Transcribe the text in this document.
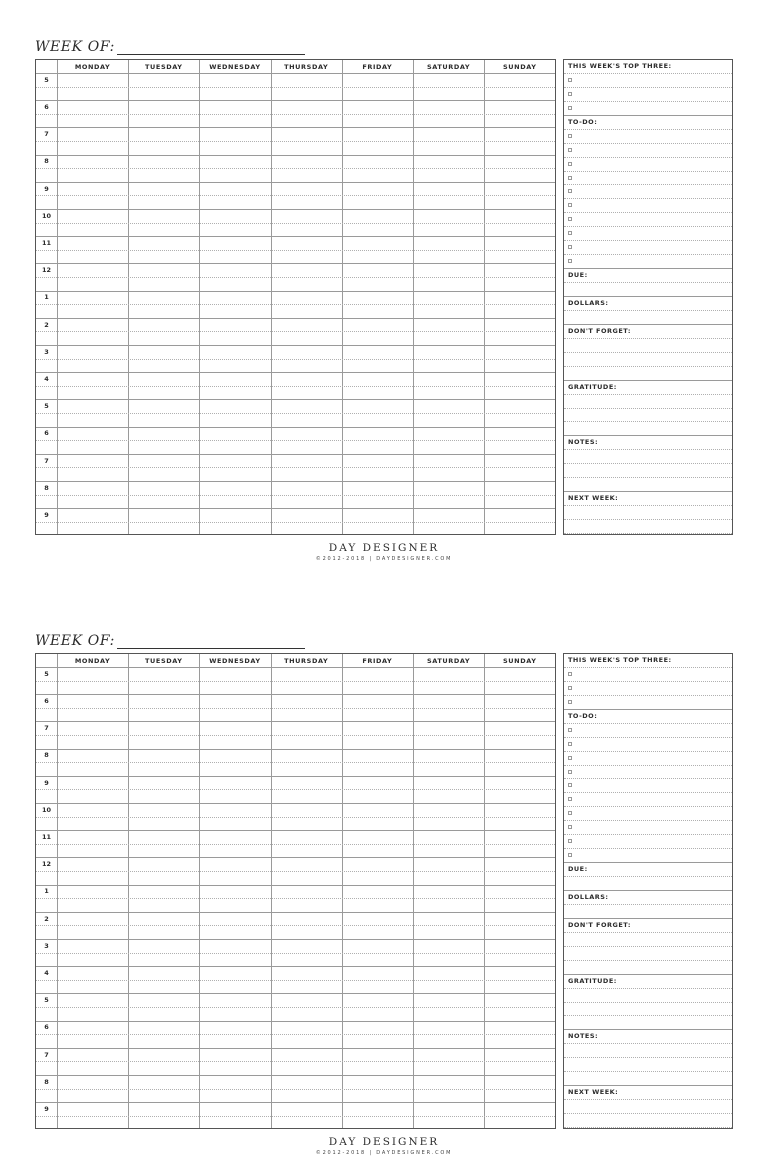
WEEK OF:
MONDAY	TUESDAY	WEDNESDAY	THURSDAY	FRIDAY	SATURDAY	SUNDAY
5
6
7
8
9
10
11
12
1
2
3
4
5
6
7
8
9
THIS WEEK'S TOP THREE:
TO-DO:
DUE:
DOLLARS:
DON'T FORGET:
GRATITUDE:
NOTES:
NEXT WEEK:
DAY DESIGNER
©2012-2018 | DAYDESIGNER.COM
WEEK OF:
MONDAY	TUESDAY	WEDNESDAY	THURSDAY	FRIDAY	SATURDAY	SUNDAY
5
6
7
8
9
10
11
12
1
2
3
4
5
6
7
8
9
THIS WEEK'S TOP THREE:
TO-DO:
DUE:
DOLLARS:
DON'T FORGET:
GRATITUDE:
NOTES:
NEXT WEEK:
DAY DESIGNER
©2012-2018 | DAYDESIGNER.COM
